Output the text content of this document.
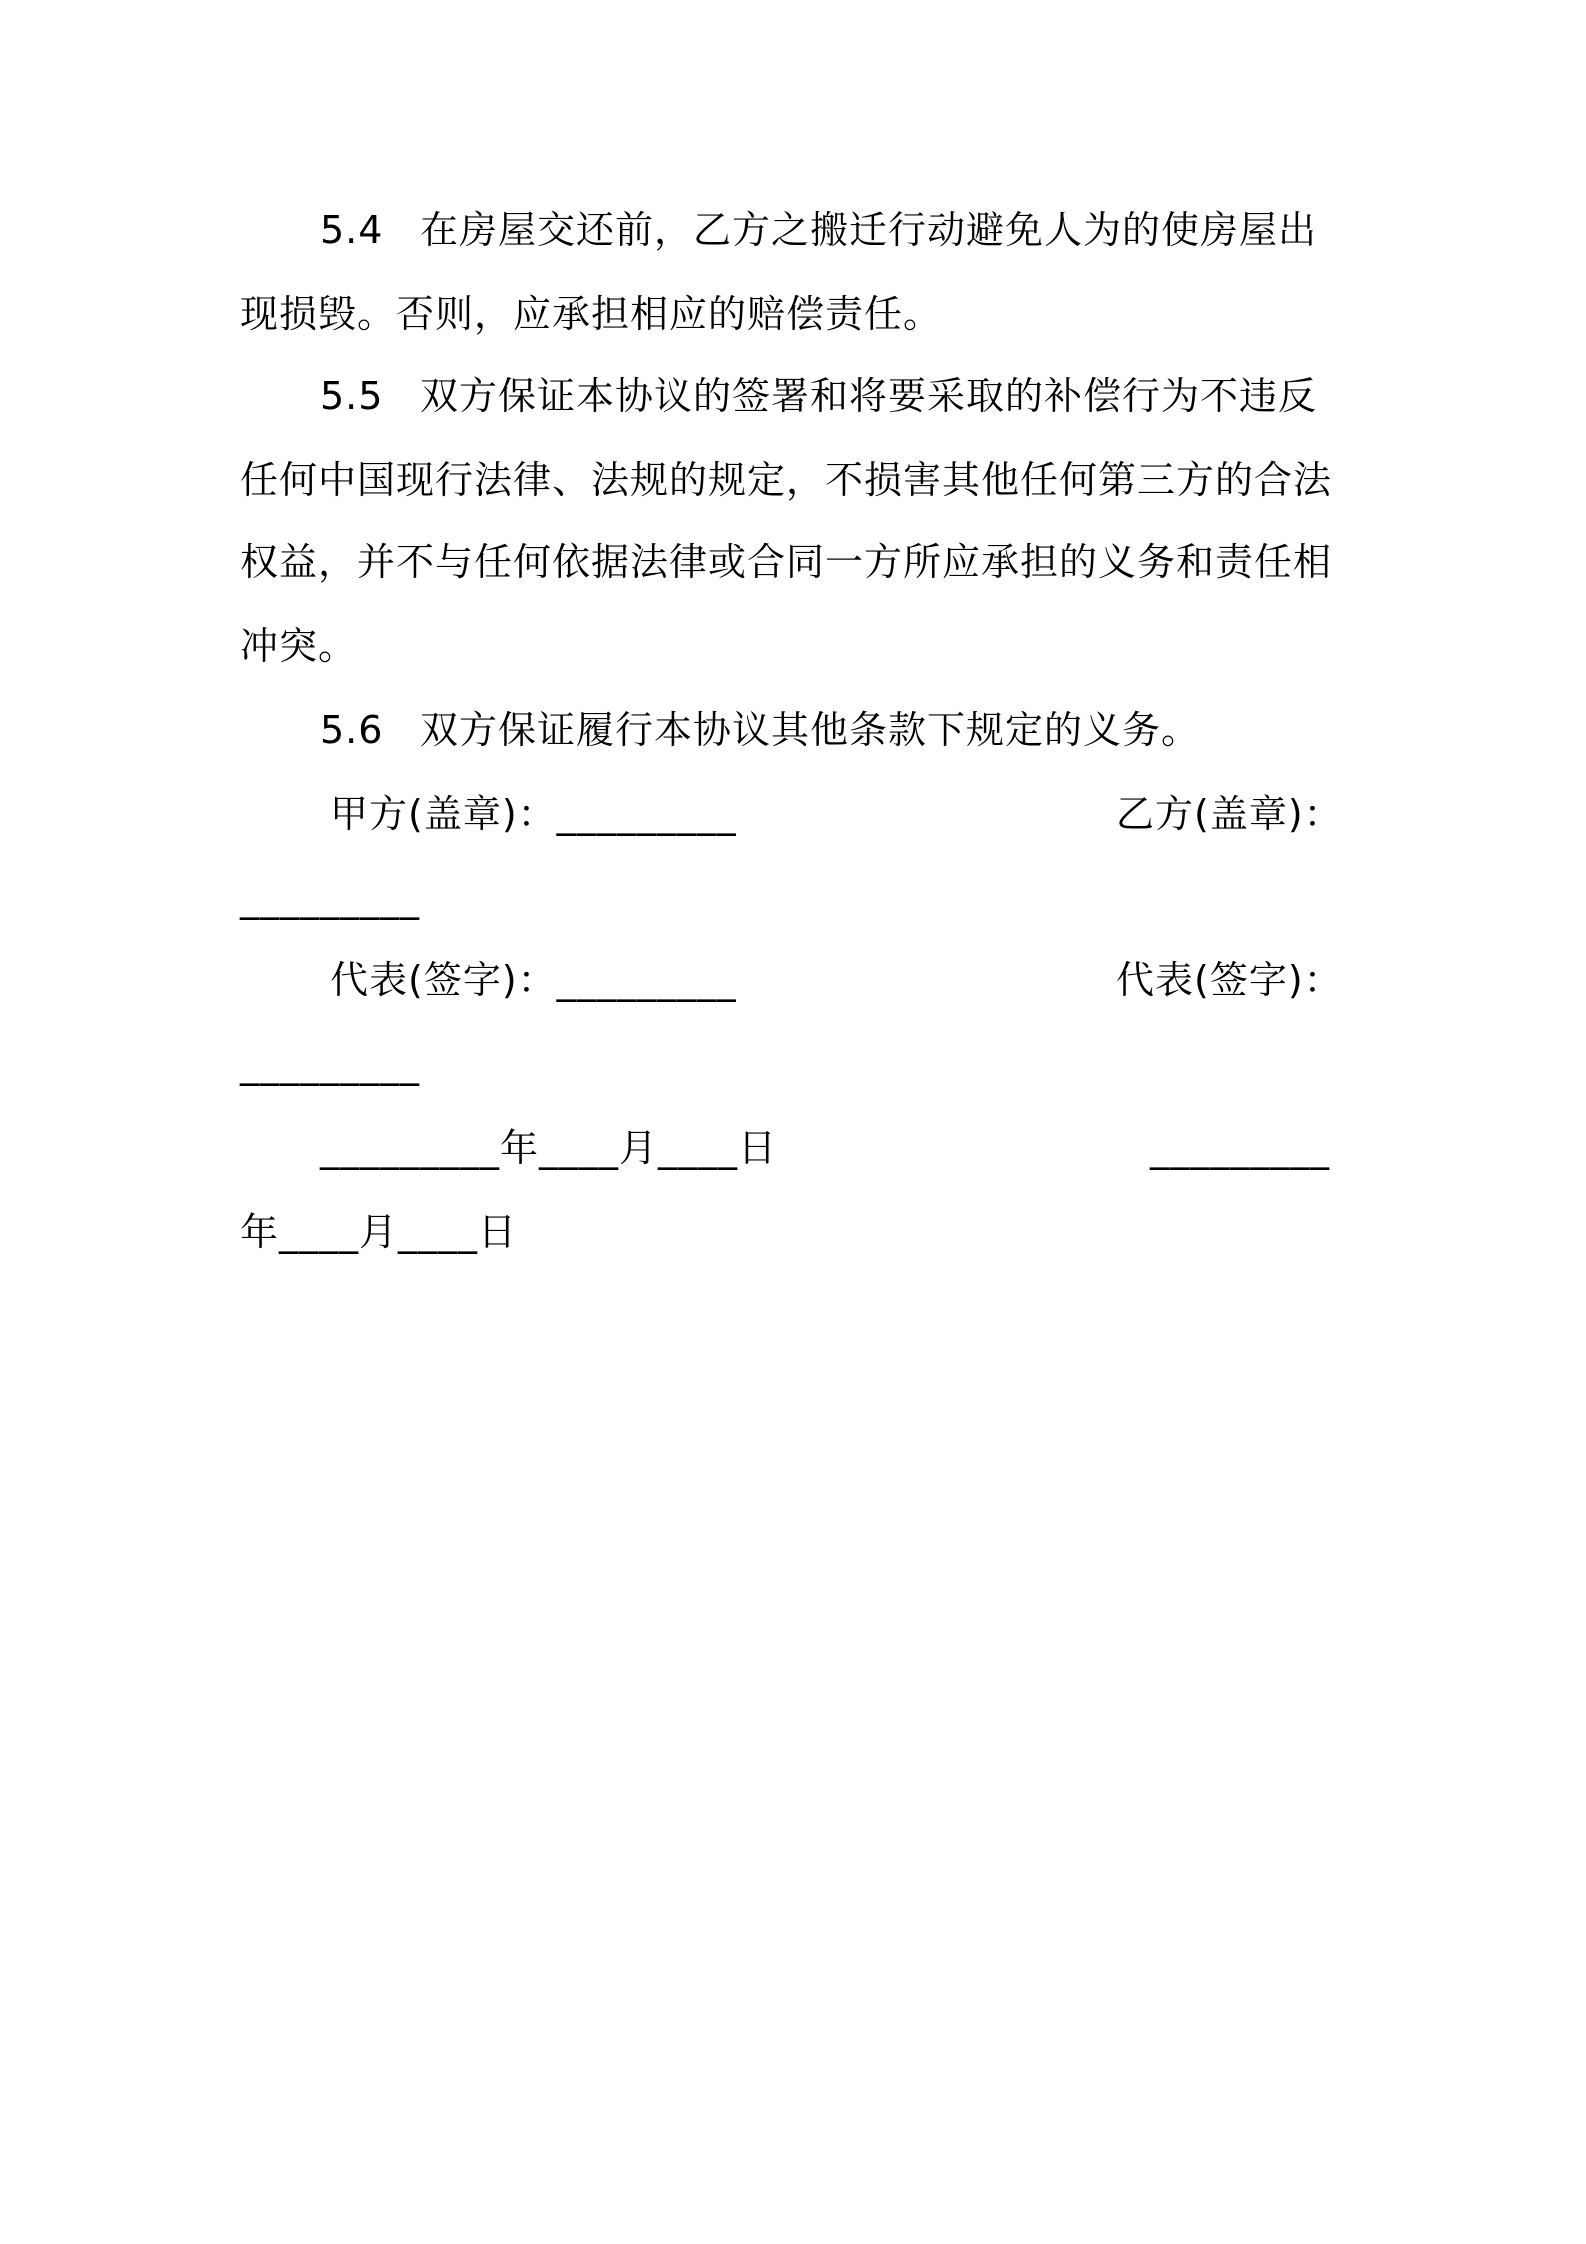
5.4 在房屋交还前，乙方之搬迁行动避免人为的使房屋出
现损毁。否则，应承担相应的赔偿责任。
5.5 双方保证本协议的签署和将要采取的补偿行为不违反
任何中国现行法律、法规的规定，不损害其他任何第三方的合法
权益，并不与任何依据法律或合同一方所应承担的义务和责任相
冲突。
5.6 双方保证履行本协议其他条款下规定的义务。
甲方(盖章)：_________	乙方(盖章)：
_________
代表(签字)：_________	代表(签字)：
_________
_________年____月____日	_________
年____月____日
